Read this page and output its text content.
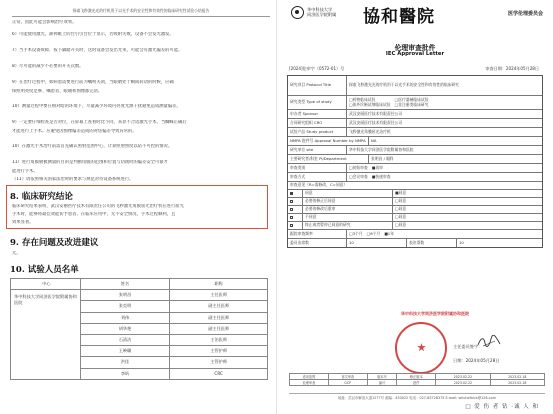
探索飞秒激光光的疗机用于以光手术的安全性和有效性的临床研究性试验小结报告
正常。因此可能会影响治疗效果。
6）可能使用激光，卸掉眶上的台引引台位于显示，若吸附失败，设备不会发光激发。
7）当手术设备故障，按下脚踏开关时，这时设备会发出光束，可能会有激光偏差的可能。
8）尽可能的减少不必要的开关次数。
9）在治疗过程中，如病患需要进行前为嘱咐关闭，当眼睛处于瞬间转动的时候，应确
保照明亮度足够、嘱患者、眼轴和图像都完清。
10）测量过程中要在相对暗的环境下，尽量减少环境内亮度光源干扰避免造成测量偏差。
9）一定要仔细检查是否对位，在屏幕上查看时比不同，来显不合适激光手术，当蜘蛛正确后
才能进行上手术。应避免因图像偏差造成的对焦偏差导致异常的。
10）在激光手术治疗前需首先确认照射范围中心，计算照射照度以防不可控的情况。
11）进行角膜板极测量的目的是判断角膜的范围和位置与切削时的偏差安全可靠才
能进行手术。
（11）请依照相关国家法治时的要求与规范对待设备系统进行。
8. 临床研究结论
临床研究结果表明，武汉安丽医疗技术有限责任公司的飞秒激光角膜屈光治疗机在进行屈光
手术时，能够将最佳效能切予患者。在临床应用中，无不安全情况，手术过程顺利，且
效果显著。
9. 存在问题及改进建议
无。
10. 试验人员名单
中心	姓名	职称
华中科技大学同济医学院附属协和医院	张明昌	主任医师
	张克明	副主任医师
	刘伟	副主任医师
	胡华艳	副主任医师
	石清洁	主治医师
	王映璐	主管护师
	洪佳	主管护师
	李昕	CRC
华中科技大学
同济医学院附属 協和醫院	医学伦理委员会
伦理审查批件
IEC Approval Letter
[2024]伦审字（0572-01）号	审查日期：2024年05月28日
研究项目 Protocol Title	探索飞秒激光光的疗机用于以光手术的安全性和有效性的临床研究
研究类型 Type of study	□药物临床试验
□体外诊断试剂临床试验
□医疗器械临床试验
□非注册类临床研究
申办者 Sponsor	武汉安丽医疗技术有限责任公司
合同研究组织 CRO	武汉安丽医疗技术有限责任公司
试验产品 Study product	飞秒激光角膜屈光治疗机
NMPA 批件号 Approval Number by NMPA	NA
研究单位 site	华中科技大学同济医学院附属协和医院
主要研究者/科室 PI/Department	张明昌 / 眼科
审查类别	□初始审查 ■再审
审查方式	□会议审查 ■快速审查
审查意见（R=需修改，C=同意）
同意	■同意
必要的修正后同意	□同意
必要的修改后重审	□同意
不同意	□同意
终止或者暂停已同意的研究	□同意
跟踪审查频率	□3个月 □6个月 ■1年
委员出席数	10	表决票数	10
华中科技大学同济医学院附属协和医院
主任委员签字：
日期：2024年05月28日
适用范围	首次审查	版本号	修正版本	2023.02.22	2023.02.18
伦理审查	GCP	编号	批件	2023.02.22	2023.02.18
地址：武汉市解放大道1277号 邮编：430022 电话：027-85726375 E-mail: whuhethics@126.com
□ 爱 伤 者 钻 ·诚 人 和
